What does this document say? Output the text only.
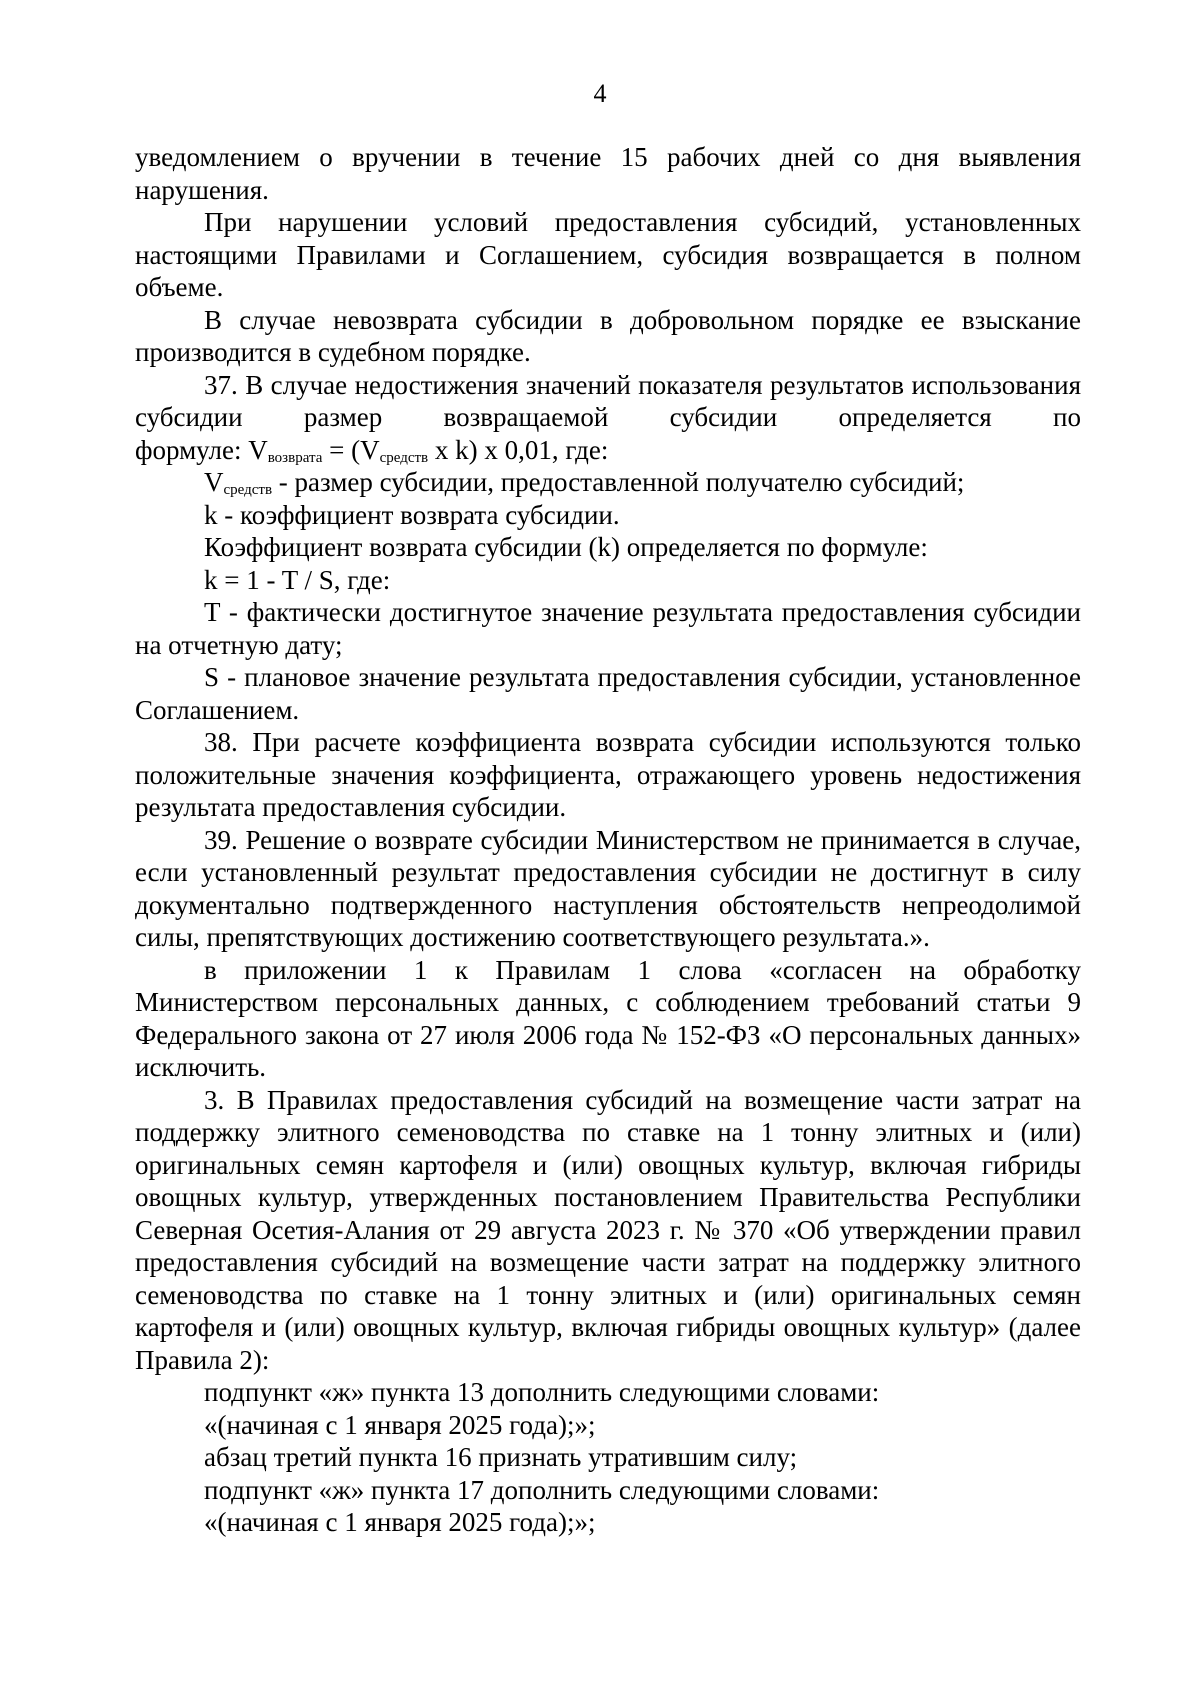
4

уведомлением о вручении в течение 15 рабочих дней со дня выявления нарушения.

При нарушении условий предоставления субсидий, установленных настоящими Правилами и Соглашением, субсидия возвращается в полном объеме.

В случае невозврата субсидии в добровольном порядке ее взыскание производится в судебном порядке.

37. В случае недостижения значений показателя результатов использования субсидии размер возвращаемой субсидии определяется по

формуле: $V_{возврата} = (V_{средств}$ x k) x 0,01, где:

$V_{средств}$ - размер субсидии, предоставленной получателю субсидий;

k - коэффициент возврата субсидии.

Коэффициент возврата субсидии (k) определяется по формуле:

k = 1 - T / S, где:

T - фактически достигнутое значение результата предоставления субсидии на отчетную дату;

S - плановое значение результата предоставления субсидии, установленное Соглашением.

38. При расчете коэффициента возврата субсидии используются только положительные значения коэффициента, отражающего уровень недостижения результата предоставления субсидии.

39. Решение о возврате субсидии Министерством не принимается в случае, если установленный результат предоставления субсидии не достигнут в силу документально подтвержденного наступления обстоятельств непреодолимой силы, препятствующих достижению соответствующего результата.».

в приложении 1 к Правилам 1 слова «согласен на обработку Министерством персональных данных, с соблюдением требований статьи 9 Федерального закона от 27 июля 2006 года № 152-ФЗ «О персональных данных» исключить.

3. В Правилах предоставления субсидий на возмещение части затрат на поддержку элитного семеноводства по ставке на 1 тонну элитных и (или) оригинальных семян картофеля и (или) овощных культур, включая гибриды овощных культур, утвержденных постановлением Правительства Республики Северная Осетия-Алания от 29 августа 2023 г. № 370 «Об утверждении правил предоставления субсидий на возмещение части затрат на поддержку элитного семеноводства по ставке на 1 тонну элитных и (или) оригинальных семян картофеля и (или) овощных культур, включая гибриды овощных культур» (далее Правила 2):

подпункт «ж» пункта 13 дополнить следующими словами:

«(начиная с 1 января 2025 года);»;

абзац третий пункта 16 признать утратившим силу;

подпункт «ж» пункта 17 дополнить следующими словами:

«(начиная с 1 января 2025 года);»;
